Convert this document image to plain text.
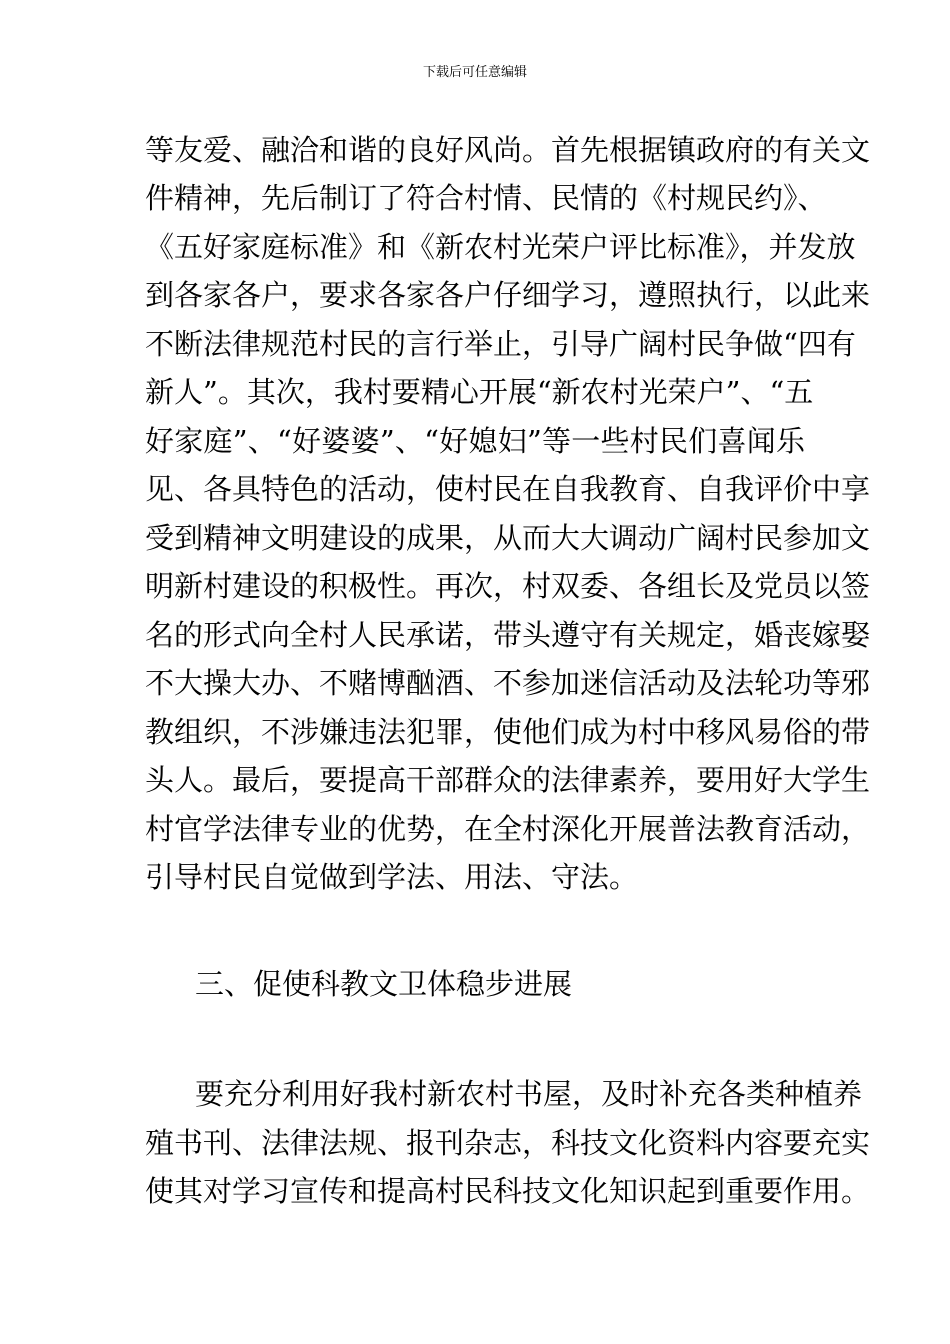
下载后可任意编辑
等友爱、融洽和谐的良好风尚。首先根据镇政府的有关文
件精神，先后制订了符合村情、民情的《村规民约》、
《五好家庭标准》和《新农村光荣户评比标准》，并发放
到各家各户，要求各家各户仔细学习，遵照执行，以此来
不断法律规范村民的言行举止，引导广阔村民争做“四有
新人”。其次，我村要精心开展“新农村光荣户”、“五
好家庭”、“好婆婆”、“好媳妇”等一些村民们喜闻乐
见、各具特色的活动，使村民在自我教育、自我评价中享
受到精神文明建设的成果，从而大大调动广阔村民参加文
明新村建设的积极性。再次，村双委、各组长及党员以签
名的形式向全村人民承诺，带头遵守有关规定，婚丧嫁娶
不大操大办、不赌博酗酒、不参加迷信活动及法轮功等邪
教组织，不涉嫌违法犯罪，使他们成为村中移风易俗的带
头人。最后，要提高干部群众的法律素养，要用好大学生
村官学法律专业的优势，在全村深化开展普法教育活动，
引导村民自觉做到学法、用法、守法。
三、促使科教文卫体稳步进展
要充分利用好我村新农村书屋，及时补充各类种植养
殖书刊、法律法规、报刊杂志，科技文化资料内容要充实
使其对学习宣传和提高村民科技文化知识起到重要作用。
